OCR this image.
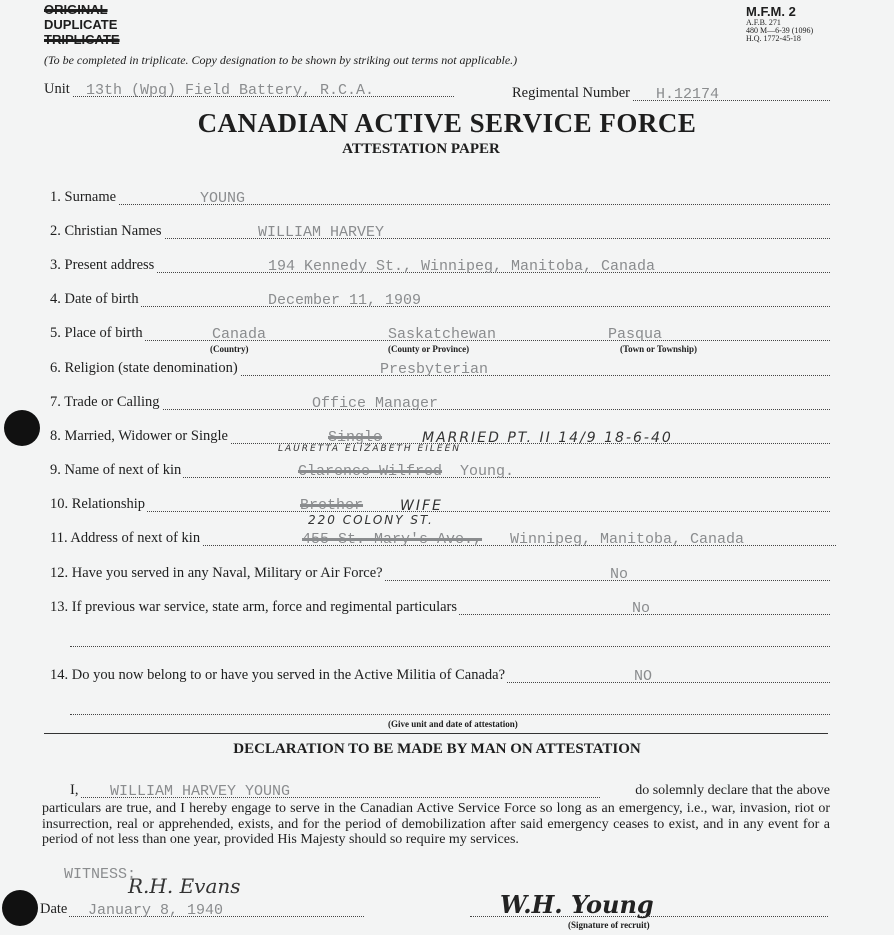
ORIGINAL
DUPLICATE
TRIPLICATE
(To be completed in triplicate. Copy designation to be shown by striking out terms not applicable.)
M.F.M. 2
A.F.B. 271
480 M—6-39 (1096)
H.Q. 1772-45-18
Unit 13th (Wpg) Field Battery, R.C.A.	Regimental Number H.12174
CANADIAN ACTIVE SERVICE FORCE
ATTESTATION PAPER
1. Surname	YOUNG
2. Christian Names	WILLIAM HARVEY
3. Present address	194 Kennedy St., Winnipeg, Manitoba, Canada
4. Date of birth	December 11, 1909
5. Place of birth	Canada	Saskatchewan	Pasqua
(Country)	(County or Province)	(Town or Township)
6. Religion (state denomination)	Presbyterian
7. Trade or Calling	Office Manager
8. Married, Widower or Single	Single	MARRIED PT. II 14/9 18-6-40
LAURETTA ELIZABETH EILEEN
9. Name of next of kin	Clarence Wilfred Young.
10. Relationship	Brother	WIFE
220 COLONY ST.
11. Address of next of kin	455 St. Mary's Ave., Winnipeg, Manitoba, Canada
12. Have you served in any Naval, Military or Air Force?	No
13. If previous war service, state arm, force and regimental particulars	No
14. Do you now belong to or have you served in the Active Militia of Canada?	NO
(Give unit and date of attestation)
DECLARATION TO BE MADE BY MAN ON ATTESTATION
I, WILLIAM HARVEY YOUNG	do solemnly declare that the above
particulars are true, and I hereby engage to serve in the Canadian Active Service Force so long as an emergency, i.e., war, invasion, riot or insurrection, real or apprehended, exists, and for the period of demobilization after said emergency ceases to exist, and in any event for a period of not less than one year, provided His Majesty should so require my services.
WITNESS:
R.H. Evans
Date January 8, 1940	W.H. Young
(Signature of recruit)
